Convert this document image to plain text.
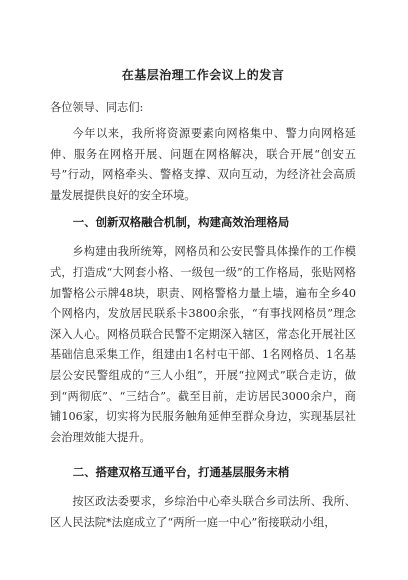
在基层治理工作会议上的发言
各位领导、同志们:
今年以来，我所将资源要素向网格集中、警力向网格延伸、服务在网格开展、问题在网格解决，联合开展“创安五号”行动，网格牵头、警格支撑、双向互动，为经济社会高质量发展提供良好的安全环境。
一、创新双格融合机制，构建高效治理格局
乡构建由我所统筹，网格员和公安民警具体操作的工作模式，打造成“大网套小格、一级包一级”的工作格局，张贴网格加警格公示牌48块，职责、网格警格力量上墙，遍布全乡40个网格内，发放居民联系卡3800余张，“有事找网格员”理念深入人心。网格员联合民警不定期深入辖区，常态化开展社区基础信息采集工作，组建由1名村屯干部、1名网格员、1名基层公安民警组成的“三人小组”，开展“拉网式”联合走访，做到“两彻底”、“三结合”。截至目前，走访居民3000余户，商铺106家，切实将为民服务触角延伸至群众身边，实现基层社会治理效能大提升。
二、搭建双格互通平台，打通基层服务末梢
按区政法委要求，乡综治中心牵头联合乡司法所、我所、区人民法院*法庭成立了“两所一庭一中心”衔接联动小组，
